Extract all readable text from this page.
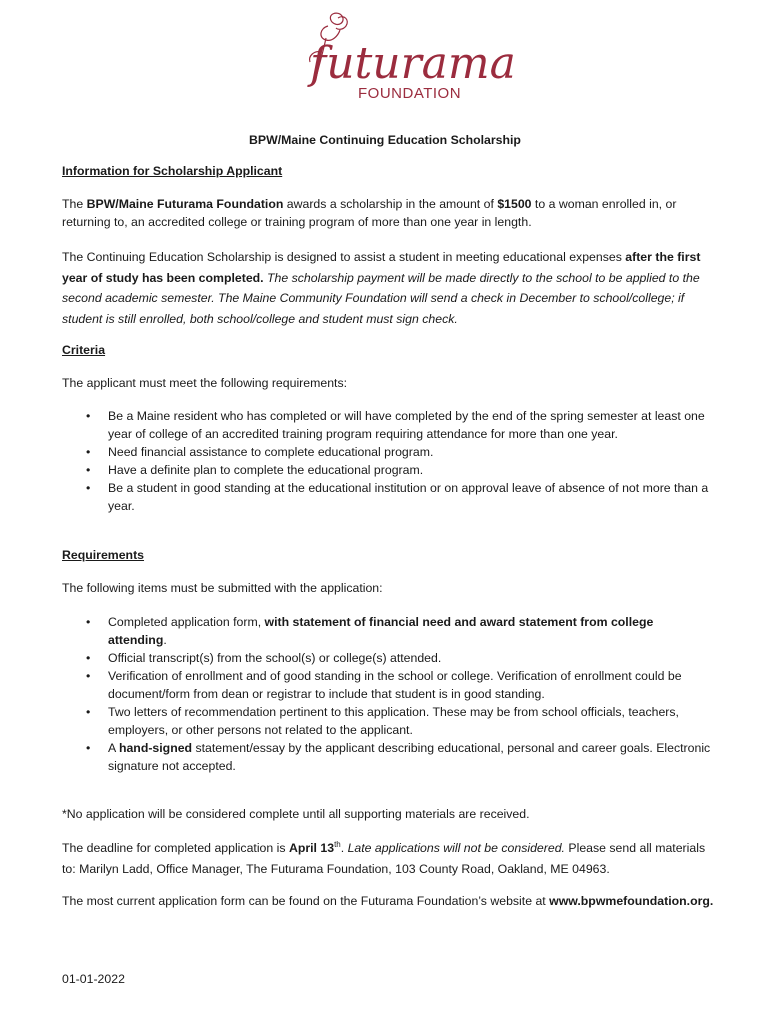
futurama
FOUNDATION
BPW/Maine Continuing Education Scholarship
Information for Scholarship Applicant

The BPW/Maine Futurama Foundation awards a scholarship in the amount of $1500 to a woman enrolled in, or returning to, an accredited college or training program of more than one year in length.

The Continuing Education Scholarship is designed to assist a student in meeting educational expenses after the first year of study has been completed. The scholarship payment will be made directly to the school to be applied to the second academic semester. The Maine Community Foundation will send a check in December to school/college; if student is still enrolled, both school/college and student must sign check.

Criteria

The applicant must meet the following requirements:

• Be a Maine resident who has completed or will have completed by the end of the spring semester at least one year of college of an accredited training program requiring attendance for more than one year.
• Need financial assistance to complete educational program.
• Have a definite plan to complete the educational program.
• Be a student in good standing at the educational institution or on approval leave of absence of not more than a year.
Requirements

The following items must be submitted with the application:

• Completed application form, with statement of financial need and award statement from college attending.
• Official transcript(s) from the school(s) or college(s) attended.
• Verification of enrollment and of good standing in the school or college. Verification of enrollment could be document/form from dean or registrar to include that student is in good standing.
• Two letters of recommendation pertinent to this application. These may be from school officials, teachers, employers, or other persons not related to the applicant.
• A hand-signed statement/essay by the applicant describing educational, personal and career goals. Electronic signature not accepted.

*No application will be considered complete until all supporting materials are received.

The deadline for completed application is April 13th. Late applications will not be considered. Please send all materials to: Marilyn Ladd, Office Manager, The Futurama Foundation, 103 County Road, Oakland, ME 04963.

The most current application form can be found on the Futurama Foundation’s website at www.bpwmefoundation.org.

01-01-2022
